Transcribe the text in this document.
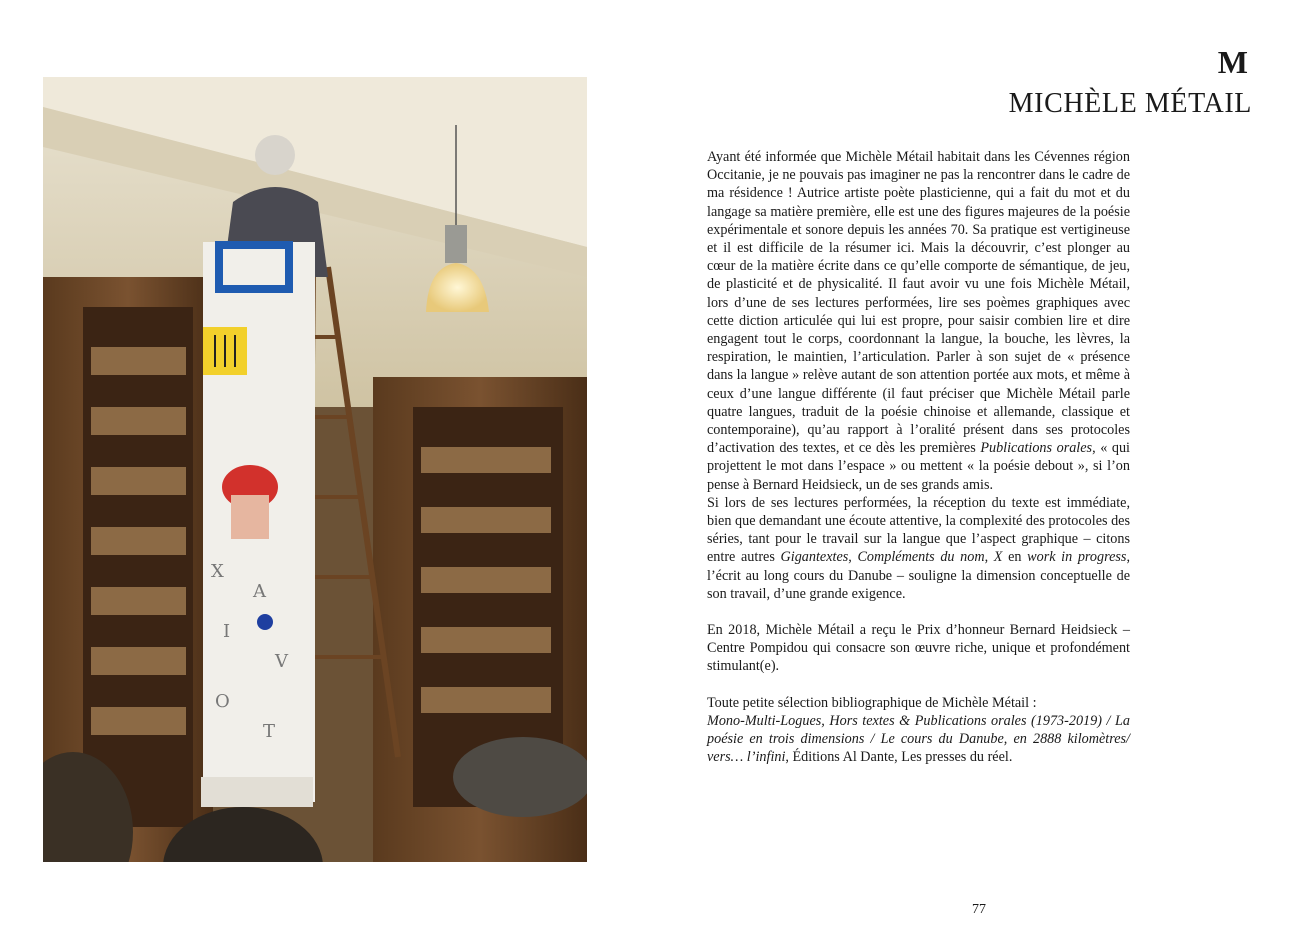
X
A
I
V
O
T
M
MICHÈLE MÉTAIL

Ayant été informée que Michèle Métail habitait dans les Cévennes région Occitanie, je ne pouvais pas imaginer ne pas la rencontrer dans le cadre de ma résidence ! Autrice artiste poète plasticienne, qui a fait du mot et du langage sa matière première, elle est une des figures majeures de la poésie expérimentale et sonore depuis les années 70. Sa pratique est vertigineuse et il est difficile de la résumer ici. Mais la découvrir, c’est plonger au cœur de la matière écrite dans ce qu’elle comporte de sémantique, de jeu, de plasticité et de physicalité. Il faut avoir vu une fois Michèle Métail, lors d’une de ses lectures performées, lire ses poèmes graphiques avec cette diction articulée qui lui est propre, pour saisir combien lire et dire engagent tout le corps, coordonnant la langue, la bouche, les lèvres, la respiration, le maintien, l’articulation. Parler à son sujet de « présence dans la langue » relève autant de son attention portée aux mots, et même à ceux d’une langue différente (il faut préciser que Michèle Métail parle quatre langues, traduit de la poésie chinoise et allemande, classique et contemporaine), qu’au rapport à l’oralité présent dans ses protocoles d’activation des textes, et ce dès les premières Publications orales, « qui projettent le mot dans l’espace » ou mettent « la poésie debout », si l’on pense à Bernard Heidsieck, un de ses grands amis.

Si lors de ses lectures performées, la réception du texte est immédiate, bien que demandant une écoute attentive, la complexité des protocoles des séries, tant pour le travail sur la langue que l’aspect graphique – citons entre autres Gigantextes, Compléments du nom, X en work in progress, l’écrit au long cours du Danube – souligne la dimension conceptuelle de son travail, d’une grande exigence.

En 2018, Michèle Métail a reçu le Prix d’honneur Bernard Heidsieck – Centre Pompidou qui consacre son œuvre riche, unique et profondément stimulant(e).

Toute petite sélection bibliographique de Michèle Métail :
Mono-Multi-Logues, Hors textes & Publications orales (1973-2019) / La poésie en trois dimensions / Le cours du Danube, en 2888 kilomètres/ vers… l’infini, Éditions Al Dante, Les presses du réel.

77
